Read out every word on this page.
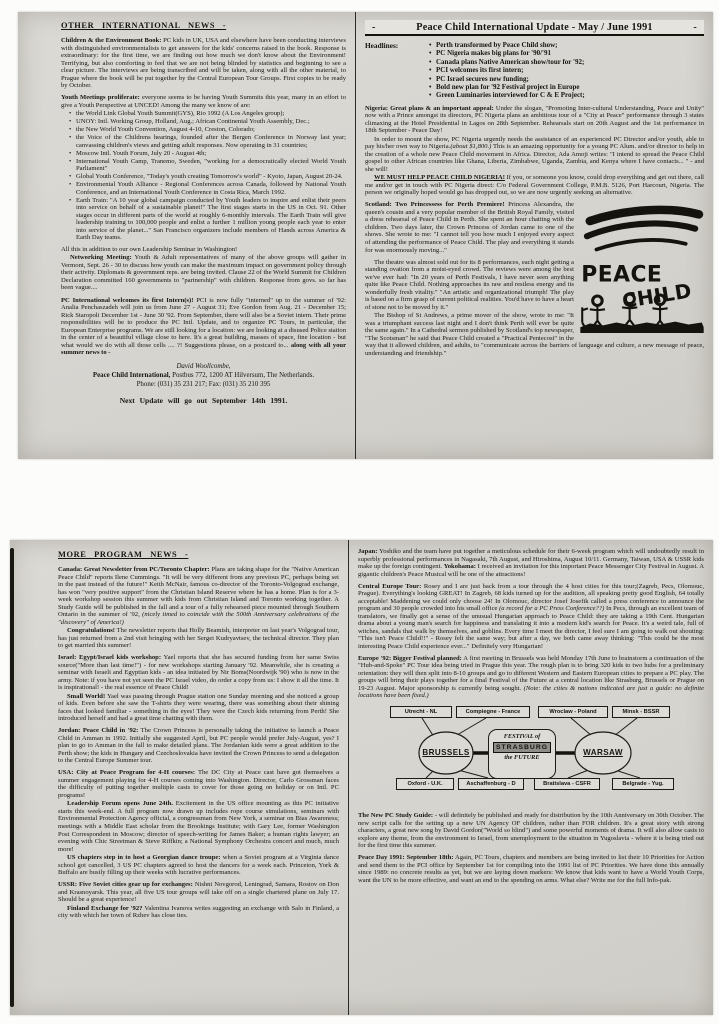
OTHER INTERNATIONAL NEWS -

Children & the Environment Book: PC kids in UK, USA and elsewhere have been conducting interviews with distinguished environmentalists to get answers for the kids' concerns raised in the book. Response is extraordinary: for the first time, we are finding out how much we don't know about the Environment! Terrifying, but also comforting to feel that we are not being blinded by statistics and beginning to see a clear picture. The interviews are being transcribed and will be taken, along with all the other material, to Prague where the book will be put together by the Central European Tour Groups. First copies to be ready by October.

Youth Meetings proliferate: everyone seems to be having Youth Summits this year, many in an effort to give a Youth Perspective at UNCED! Among the many we know of are:

• the World Link Global Youth Summit(GYS), Rio 1992 (A Los Angeles group);
• UNOY: Intl. Working Group, Holland, Aug.; African Continental Youth Assembly, Dec.;
• the New World Youth Convention, August 4-10, Creston, Colorado;
• the Voice of the Childrens hearings, founded after the Bergen Conference in Norway last year; canvassing children's views and getting adult responses. Now operating in 31 countries;
• Moscow Intl. Youth Forum, July 20 - August 4th;
• International Youth Camp, Tranemo, Sweden, "working for a democratically elected World Youth Parliament"
• Global Youth Conference, "Today's youth creating Tomorrow's world" - Kyoto, Japan, August 20-24.
• Environmental Youth Alliance - Regional Conferences across Canada, followed by National Youth Conference, and an International Youth Conference in Costa Rica, March 1992.
• Earth Train: "A 10 year global campaign conducted by Youth leaders to inspire and enlist their peers into service on behalf of a sustainable planet!" The first stages starts in the US in Oct. 91. Other stages occur in different parts of the world at roughly 6-monthly intervals. The Earth Train will give leadership training to 100,000 people and enlist a further 1 million young people each year to enter into service of the planet..." San Francisco organizers include members of Hands across America & Earth Day teams.

All this in addition to our own Leadership Seminar in Washington!

Networking Meeting: Youth & Adult representatives of many of the above groups will gather in Vermont, Sept. 26 - 30 to discuss how youth can make the maximum impact on government policy through their activity. Diplomats & government reps. are being invited. Clause 22 of the World Summit for Children Declaration committed 160 governments to "partnership" with children. Response from govs. so far has been vague....

PC International welcomes its first Intern(s)! PCI is now fully "interned" up to the summer of '92: Analia Penchaszadeh will join us from June 27 - August 31; Eve Gordon from Aug. 21 - December 15; Rick Staropoli December 1st - June 30 '92. From September, there will also be a Soviet intern. Their prime responsibilities will be to produce the PC Intl. Update, and to organize PC Tours, in particular, the European Enterprise programs. We are still looking for a location: we are looking at a disused Police station in the center of a beautiful village close to here. It's a great building, masses of space, fine location - but what would we do with all those cells .... ?! Suggestions please, on a postcard to... along with all your summer news to -

David Woollcombe,
Peace Child International, Postbus 772, 1200 AT Hilversum, The Netherlands.
Phone: (031) 35 231 217; Fax: (031) 35 210 395
Next Update will go out September 14th 1991.
-	Peace Child International Update - May / June 1991	-
Headlines:	• Perth transformed by Peace Child show;
• PC Nigeria makes big plans for '90/'91
• Canada plans Native American show/tour for '92;
• PCI welcomes its first intern;
• PC Israel secures new funding;
• Bold new plan for '92 Festival project in Europe
• Green Luminaries interviewed for C & E Project;

Nigeria: Great plans & an important appeal: Under the slogan, "Promoting Inter-cultural Understanding, Peace and Unity" now with a Prince amongst its directors, PC Nigeria plans an ambitious tour of a "City at Peace" performance through 3 states climaxing at the Hotel Presidential in Lagos on 28th September. Rehearsals start on 20th August and the 1st performance in 18th September - Peace Day!

In order to mount the show, PC Nigeria urgently needs the assistance of an experienced PC Director and/or youth, able to pay his/her own way to Nigeria.(about $1,800.) This is an amazing opportunity for a young PC Alum. and/or director to help in the creation of a whole new Peace Child movement in Africa. Director, Ada Amoji writes: "I intend to spread the Peace Child gospel to other African countries like Ghana, Liberia, Zimbabwe, Uganda, Zambia, and Kenya where I have contacts... " - and she will!

WE MUST HELP PEACE CHILD NIGERIA! If you, or someone you know, could drop everything and get out there, call me and/or get in touch with PC Nigeria direct: C/o Federal Government College, P.M.B. 5126, Port Harcourt, Nigeria. The person we originally hoped would go has dropped out, so we are now urgently seeking an alternative.

PEACE
CHILD

Scotland: Two Princessess for Perth Premiere! Princess Alexandra, the queen's cousin and a very popular member of the British Royal Family, visited a dress rehearsal of Peace Child in Perth. She spent an hour chatting with the children. Two days later, the Crown Princess of Jordan came to one of the shows. She wrote to me: "I cannot tell you how much I enjoyed every aspect of attending the performance of Peace Child. The play and everything it stands for was enormously moving..."

The theatre was almost sold out for its 8 performances, each night getting a standing ovation from a moist-eyed crowd. The reviews were among the best we've ever had: "In 20 years of Perth Festivals, I have never seen anything quite like Peace Child. Nothing approaches its raw and restless energy and its wonderfully fresh vitality." "An artistic and organizational triumph! The play is based on a firm grasp of current political realities. You'd have to have a heart of stone not to be moved by it."

The Bishop of St Andrews, a prime mover of the show, wrote to me: "It was a triumphant success last night and I don't think Perth will ever be quite the same again." In a Cathedral sermon published by Scotland's top newspaper, "The Scotsman" he said that Peace Child created a "Practical Pentecost" in the way that it allowed children, and adults, to "communicate across the barriers of language and culture, a new message of peace, understanding and friendship."

MORE PROGRAM NEWS -

Canada: Great Newsletter from PC/Toronto Chapter: Plans are taking shape for the "Native American Peace Child" reports Ilene Cummings. "It will be very different from any previous PC, perhaps being set in the past instead of the future!" Keith McNair, famous co-director of the Toronto-Volgograd exchange, has won "very positive support" from the Christian Island Reserve where he has a home. Plan is for a 3-week workshop session this summer with kids from Christian Island and Toronto working together. A Study Guide will be published in the fall and a tour of a fully rehearsed piece mounted through Southern Ontario in the summer of '92, (nicely timed to coincide with the 500th Anniversary celebrations of the "discovery" of America!)

Congratulations! The newsletter reports that Holly Beamish, interpreter on last year's Volgograd tour, has just returned from a 2nd visit bringing with her Sergei Kudryavtsev, the technical director. They plan to get married this summer!

Israel: Egypt/Israel kids workshop: Yael reports that she has secured funding from her same Swiss source("More than last time!") - for new workshops starting January '92. Meanwhile, she is creating a seminar with Israeli and Egyptian kids - an idea initiated by Nir Boms(Noordwijk '90) who is now in the army. Note: if you have not yet seen the PC Israel video, do order a copy from us: I show it all the time. It is inspirational! - the real essence of Peace Child!

Small World! Yael was passing through Prague station one Sunday morning and she noticed a group of kids. Even before she saw the T-shirts they were wearing, there was something about their shining faces that looked familiar - something in the eyes! They were the Czech kids returning from Perth! She introduced herself and had a great time chatting with them.

Jordan: Peace Child in '92: The Crown Princess is personally taking the initiative to launch a Peace Child in Amman in 1992. Initially she suggested April, but PC people would prefer July-August, yes? I plan to go to Amman in the fall to make detailed plans. The Jordanian kids were a great addition to the Perth show; the kids in Hungary and Czechoslovakia have invited the Crown Princess to send a delegation to the Central Europe Summer tour.

USA: City at Peace Program for 4-H courses: The DC City at Peace cast have got themselves a summer engagement playing for 4-H courses coming into Washington. Director, Carlo Grossman faces the difficulty of putting together multiple casts to cover for those going on holiday or on Intl. PC programs!

Leadership Forum opens June 24th. Excitement in the US office mounting as this PC initiative starts this week-end. A full program now drawn up includes rope course simulations, seminars with Environmental Protection Agency official, a congressman from New York, a seminar on Bias Awareness; meetings with a Middle East scholar from the Brookings Institute; with Gary Lee, former Washington Post Correspondent in Moscow; director of speech-writing for James Baker; a human rights lawyer; an evening with Chic Streetman & Steve Riffkin; a National Symphony Orchestra concert and much, much more!

US chapters step in to host a Georgian dance troupe: when a Soviet program at a Virginia dance school got cancelled, 3 US PC chapters agreed to host the dancers for a week each. Princeton, York & Buffalo are busily filling up their weeks with lucrative performances.

USSR: Five Soviet cities gear up for exchanges: Nishni Novgorod, Leningrad, Samara, Rostov on Don and Krasnoyarsk. This year, all five US tour groups will take off on a single chartered plane on July 17. Should be a great experience!

Finland Exchange for '92? Valentina Ivanova writes suggesting an exchange with Salo in Finland, a city with which her town of Rzhev has close ties.

Japan: Yoshiko and the team have put together a meticulous schedule for their 6-week program which will undoubtedly result in superbly professional performances in Nagasaki, 7th August, and Hiroshima, August 10/11. Germany, Taiwan, USA & USSR kids make up the foreign contingent. Yokohama: I received an invitation for this important Peace Messenger City Festival in August. A gigantic children's Peace Musical will be one of the attractions!

Central Europe Tour: Rosey and I are just back from a tour through the 4 host cities for this tour;(Zagreb, Pecs, Olomouc, Prague). Everything's looking GREAT! In Zagreb, 68 kids turned up for the audition, all speaking pretty good English, 64 totally acceptable! Maddening we could only choose 24! In Olomouc, director Josef Josefik called a press conference to announce the program and 30 people crowded into his small office (a record for a PC Press Conference??) In Pecs, through an excellent team of translators, we finally got a sense of the unusual Hungarian approach to Peace Child: they are taking a 19th Cent. Hungarian drama about a young man's search for happiness and translating it into a modern kid's search for Peace. It's a weird tale, full of witches, sandals that walk by themselves, and goblins. Every time I meet the director, I feel sure I am going to walk out shouting: "This isn't Peace Child!!" - Rosey felt the same way; but after a day, we both came away thinking: "This could be the most interesting Peace Child experience ever..." Definitely very Hungarian!

Europe '92: Bigger Festival planned: A first meeting in Brussels was held Monday 17th June to brainstorm a continuation of the "Hub-and-Spoke" PC Tour idea being tried in Prague this year. The rough plan is to bring 320 kids to two hubs for a preliminary orientation: they will then split into 8-10 groups and go to different Western and Eastern European cities to prepare a PC play. The groups will bring their plays together for a final Festival of the Future at a central location like Strasburg, Brussels or Prague on 19-23 August. Major sponsorship is currently being sought. (Note: the cities & nations indicated are just a guide: no definite locations have been fixed.)

Utrecht - NL	Compiegne - France	Wroclaw - Poland	Minsk - BSSR
BRUSSELS	WARSAW
FESTIVAL of
STRASBURG
the FUTURE
Oxford - U.K.	Aschaffenburg - D	Bratislava - CSFR	Belgrade - Yug.

The New PC Study Guide: - will definitely be published and ready for distribution by the 10th Anniversary on 30th October. The new script calls for the setting up a new UN Agency OF children, rather than FOR children. It's a great story with strong characters, a great new song by David Gordon("World so blind") and some powerful moments of drama. It will also allow casts to explore any theme, from the environment to Israel, from unemployment to the situation in Yugoslavia - where it is being tried out for the first time this summer.

Peace Day 1991: September 18th: Again, PC Tours, chapters and members are being invited to list their 10 Priorities for Action and send them to the PCI office by September 1st for compiling into the 1991 list of PC Priorities. We have done this annually since 1989: no concrete results as yet, but we are laying down markers: We know that kids want to have a World Youth Corps, want the UN to be more effective, and want an end to the spending on arms. What else? Write me for the full Info-pak.
